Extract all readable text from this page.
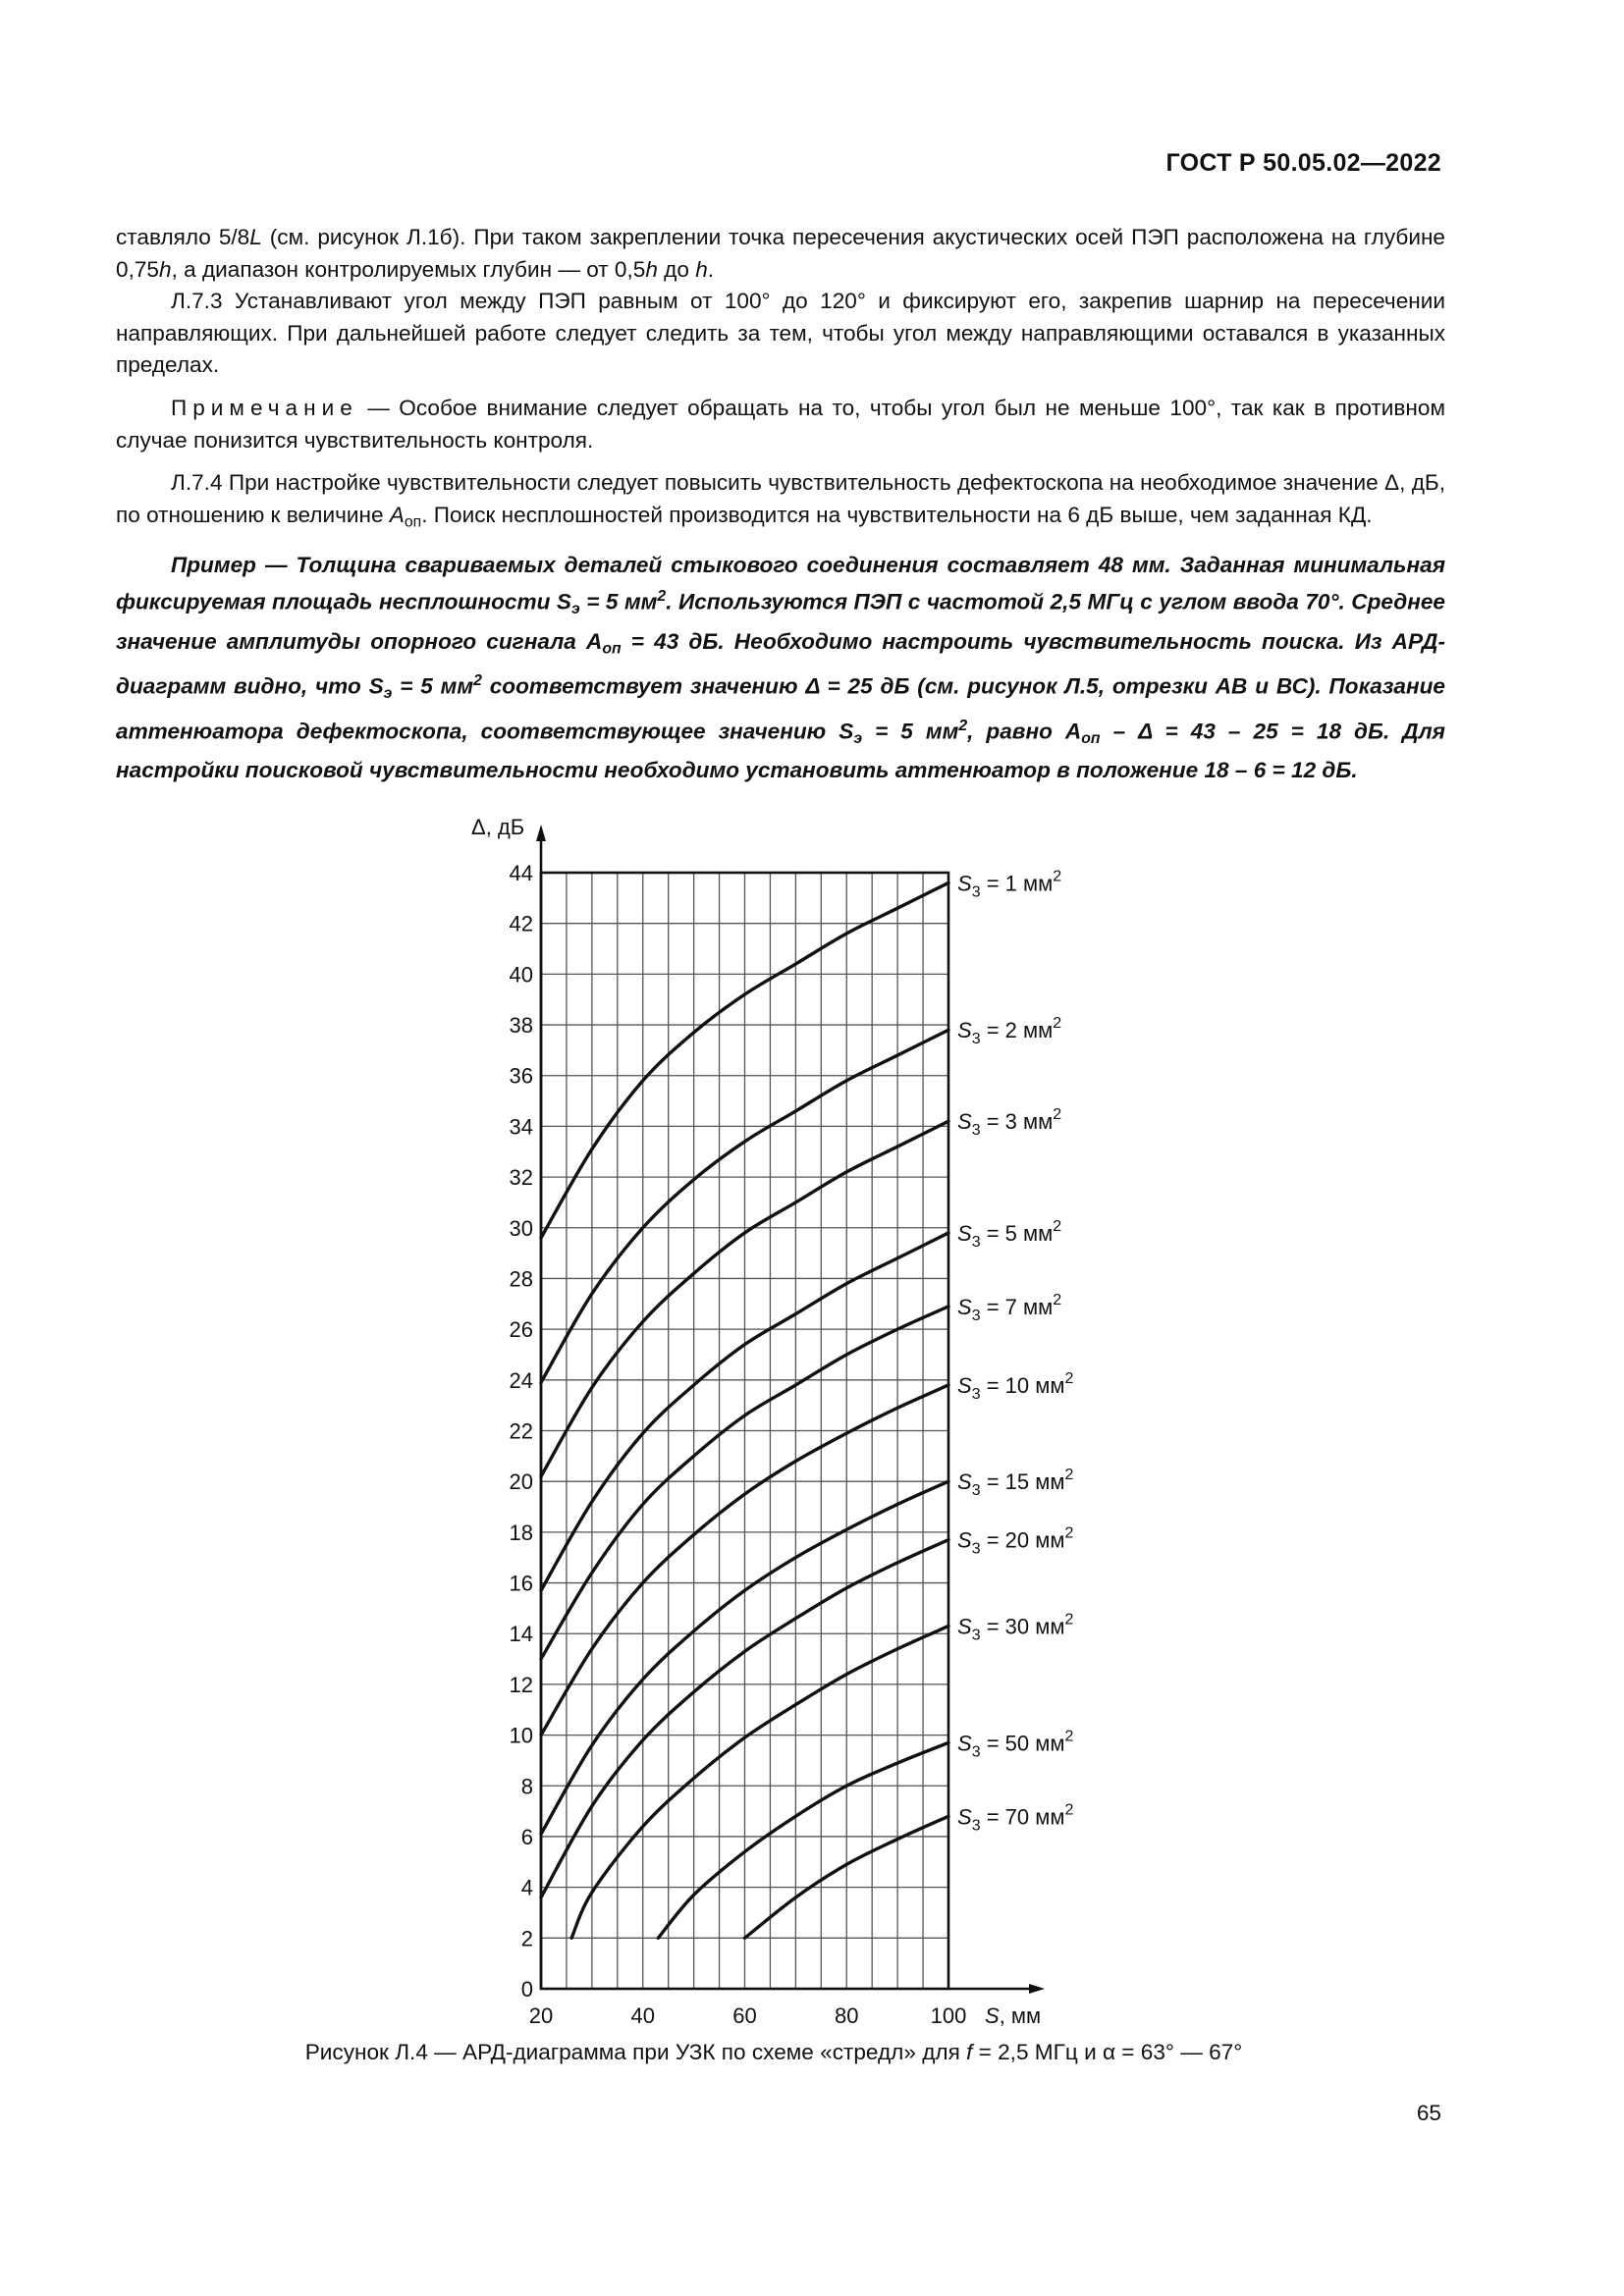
ГОСТ Р 50.05.02—2022

ставляло 5/8L (см. рисунок Л.1б). При таком закреплении точка пересечения акустических осей ПЭП расположена на глубине 0,75h, а диапазон контролируемых глубин — от 0,5h до h.

Л.7.3 Устанавливают угол между ПЭП равным от 100° до 120° и фиксируют его, закрепив шарнир на пересечении направляющих. При дальнейшей работе следует следить за тем, чтобы угол между направляющими оставался в указанных пределах.

Примечание — Особое внимание следует обращать на то, чтобы угол был не меньше 100°, так как в противном случае понизится чувствительность контроля.

Л.7.4 При настройке чувствительности следует повысить чувствительность дефектоскопа на необходимое значение Δ, дБ, по отношению к величине $A_{оп}$. Поиск несплошностей производится на чувствительности на 6 дБ выше, чем заданная КД.

Пример — Толщина свариваемых деталей стыкового соединения составляет 48 мм. Заданная минимальная фиксируемая площадь несплошности $S_э = 5$ $мм^2$. Используются ПЭП с частотой 2,5 МГц с углом ввода 70°. Среднее значение амплитуды опорного сигнала $A_{оп} = 43$ дБ. Необходимо настроить чувствительность поиска. Из АРД-диаграмм видно, что $S_э = 5$ $мм^2$ соответствует значению Δ = 25 дБ (см. рисунок Л.5, отрезки АВ и ВС). Показание аттенюатора дефектоскопа, соответствующее значению $S_э = 5$ $мм^2$, равно $A_{оп} - \Delta = 43 - 25 = 18$ дБ. Для настройки поисковой чувствительности необходимо установить аттенюатор в положение 18 – 6 = 12 дБ.

0
2
4
6
8
10
12
14
16
18
20
22
24
26
28
30
32
34
36
38
40
42
44
20	40	60	80	100
$S_3 = 1$ $мм^2$
$S_3 = 2$ $мм^2$
$S_3 = 3$ $мм^2$
$S_3 = 5$ $мм^2$
$S_3 = 7$ $мм^2$
$S_3 = 10$ $мм^2$
$S_3 = 15$ $мм^2$
$S_3 = 20$ $мм^2$
$S_3 = 30$ $мм^2$
$S_3 = 50$ $мм^2$
$S_3 = 70$ $мм^2$
Δ, дБ
S, мм
Рисунок Л.4 — АРД-диаграмма при УЗК по схеме «стредл» для f = 2,5 МГц и α = 63° — 67°
65
